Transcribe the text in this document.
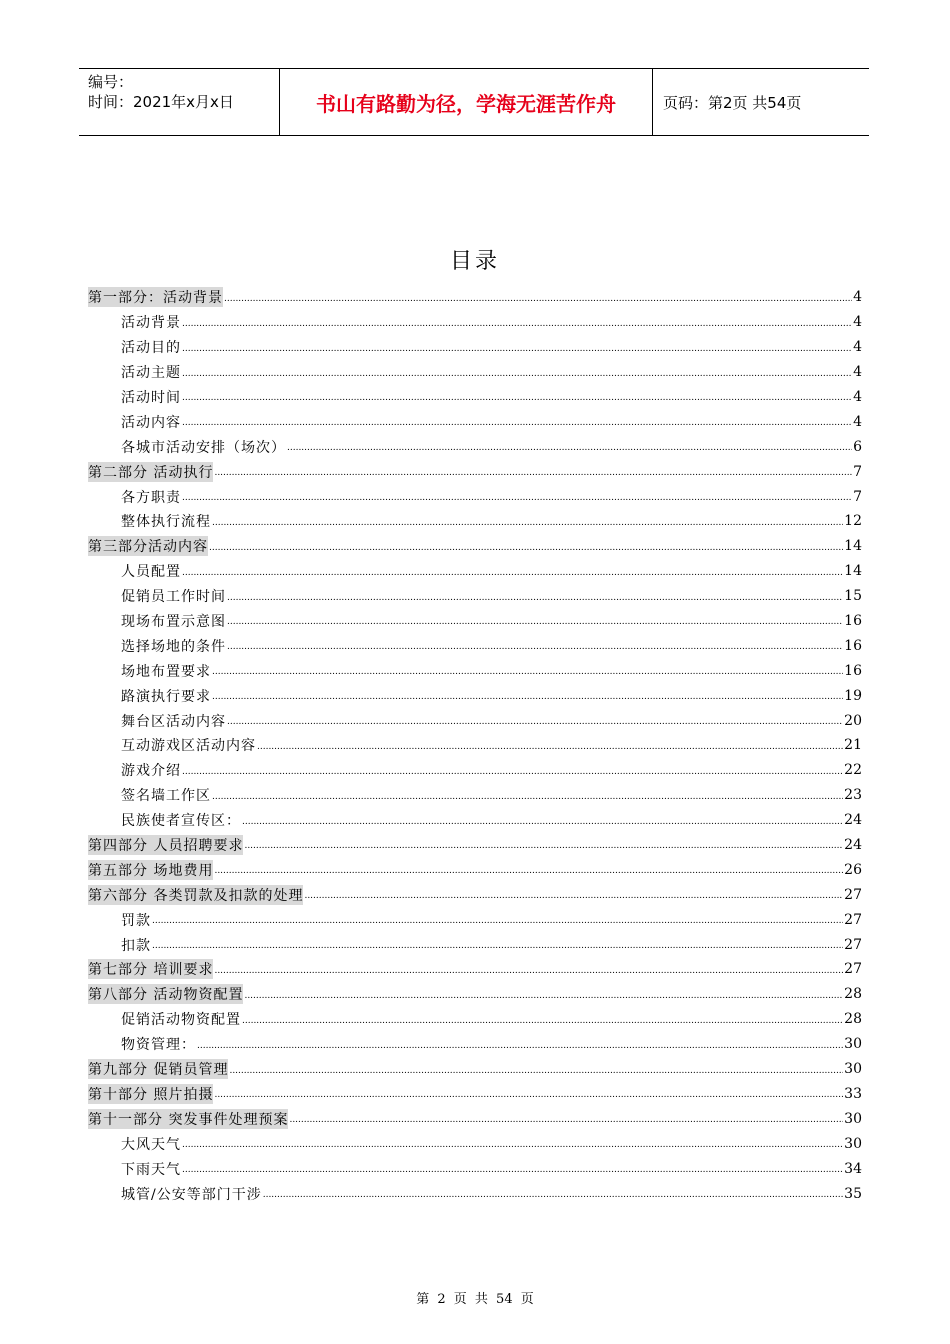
编号：
时间：2021年x月x日	书山有路勤为径，学海无涯苦作舟	页码：第2页 共54页
目录
第一部分：活动背景 .....	4
活动背景 .....	4
活动目的 .....	4
活动主题 .....	4
活动时间 .....	4
活动内容 .....	4
各城市活动安排（场次） .....	6
第二部分 活动执行 .....	7
各方职责 .....	7
整体执行流程 .....	12
第三部分活动内容 .....	14
人员配置 .....	14
促销员工作时间 .....	15
现场布置示意图 .....	16
选择场地的条件 .....	16
场地布置要求 .....	16
路演执行要求 .....	19
舞台区活动内容 .....	20
互动游戏区活动内容 .....	21
游戏介绍 .....	22
签名墙工作区 .....	23
民族使者宣传区： .....	24
第四部分 人员招聘要求 .....	24
第五部分 场地费用 .....	26
第六部分 各类罚款及扣款的处理 .....	27
罚款 .....	27
扣款 .....	27
第七部分 培训要求 .....	27
第八部分 活动物资配置 .....	28
促销活动物资配置 .....	28
物资管理： .....	30
第九部分 促销员管理 .....	30
第十部分 照片拍摄 .....	33
第十一部分 突发事件处理预案 .....	30
大风天气 .....	30
下雨天气 .....	34
城管/公安等部门干涉 .....	35
第 2 页 共 54 页
